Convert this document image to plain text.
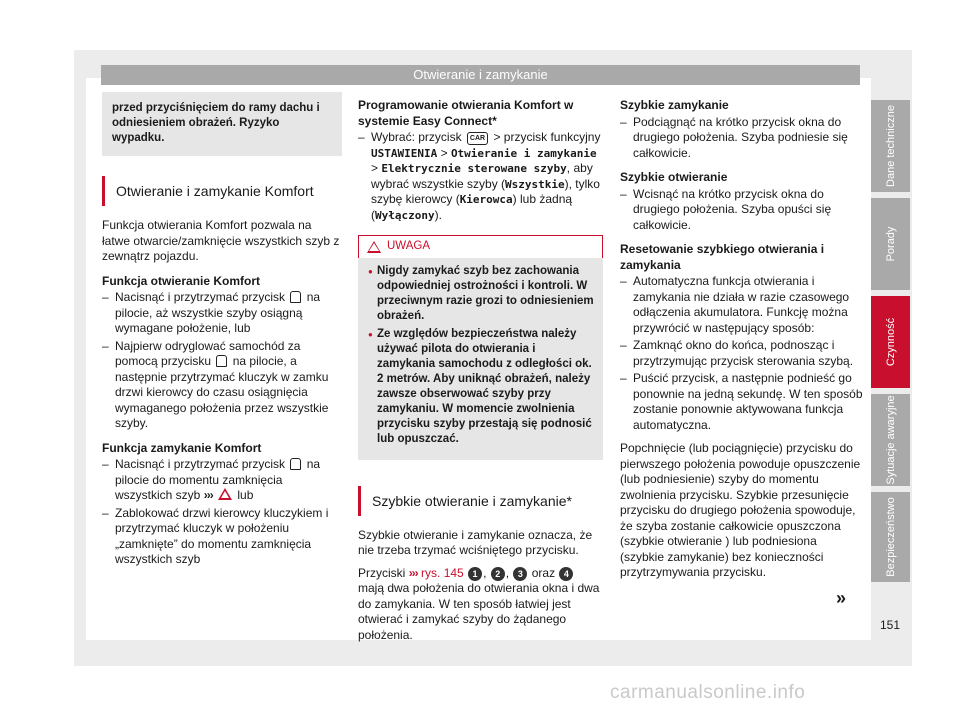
Otwieranie i zamykanie
przed przyciśnięciem do ramy dachu i odniesieniem obrażeń. Ryzyko wypadku.
Otwieranie i zamykanie Komfort

Funkcja otwierania Komfort pozwala na łatwe otwarcie/zamknięcie wszystkich szyb z zewnątrz pojazdu.

Funkcja otwieranie Komfort
– Nacisnąć i przytrzymać przycisk na pilocie, aż wszystkie szyby osiągną wymagane położenie, lub
– Najpierw odryglować samochód za pomocą przycisku na pilocie, a następnie przytrzymać kluczyk w zamku drzwi kierowcy do czasu osiągnięcia wymaganego położenia przez wszystkie szyby.
Funkcja zamykanie Komfort
– Nacisnąć i przytrzymać przycisk na pilocie do momentu zamknięcia wszystkich szyb ››› lub
– Zablokować drzwi kierowcy kluczykiem i przytrzymać kluczyk w położeniu „zamknięte” do momentu zamknięcia wszystkich szyb
Programowanie otwierania Komfort w systemie Easy Connect*
– Wybrać: przycisk CAR > przycisk funkcyjny USTAWIENIA > Otwieranie i zamykanie > Elektrycznie sterowane szyby, aby wybrać wszystkie szyby (Wszystkie), tylko szybę kierowcy (Kierowca) lub żadną (Wyłączony).
UWAGA
● Nigdy zamykać szyb bez zachowania odpowiedniej ostrożności i kontroli. W przeciwnym razie grozi to odniesieniem obrażeń.
● Ze względów bezpieczeństwa należy używać pilota do otwierania i zamykania samochodu z odległości ok. 2 metrów. Aby uniknąć obrażeń, należy zawsze obserwować szyby przy zamykaniu. W momencie zwolnienia przycisku szyby przestają się podnosić lub opuszczać.
Szybkie otwieranie i zamykanie*

Szybkie otwieranie i zamykanie oznacza, że nie trzeba trzymać wciśniętego przycisku.

Przyciski ››› rys. 145 1 , 2 , 3 oraz 4 mają dwa położenia do otwierania okna i dwa do zamykania. W ten sposób łatwiej jest otwierać i zamykać szyby do żądanego położenia.

Szybkie zamykanie
– Podciągnąć na krótko przycisk okna do drugiego położenia. Szyba podniesie się całkowicie.
Szybkie otwieranie
– Wcisnąć na krótko przycisk okna do drugiego położenia. Szyba opuści się całkowicie.
Resetowanie szybkiego otwierania i zamykania
– Automatyczna funkcja otwierania i zamykania nie działa w razie czasowego odłączenia akumulatora. Funkcję można przywrócić w następujący sposób:
– Zamknąć okno do końca, podnosząc i przytrzymując przycisk sterowania szybą.
– Puścić przycisk, a następnie podnieść go ponownie na jedną sekundę. W ten sposób zostanie ponownie aktywowana funkcja automatyczna.

Popchnięcie (lub pociągnięcie) przycisku do pierwszego położenia powoduje opuszczenie (lub podniesienie) szyby do momentu zwolnienia przycisku. Szybkie przesunięcie przycisku do drugiego położenia spowoduje, że szyba zostanie całkowicie opuszczona (szybkie otwieranie ) lub podniesiona (szybkie zamykanie) bez konieczności przytrzymywania przycisku.

Dane techniczne
Porady
Czynność
Sytuacje awaryjne
Bezpieczeństwo
»
151
carmanualsonline.info
